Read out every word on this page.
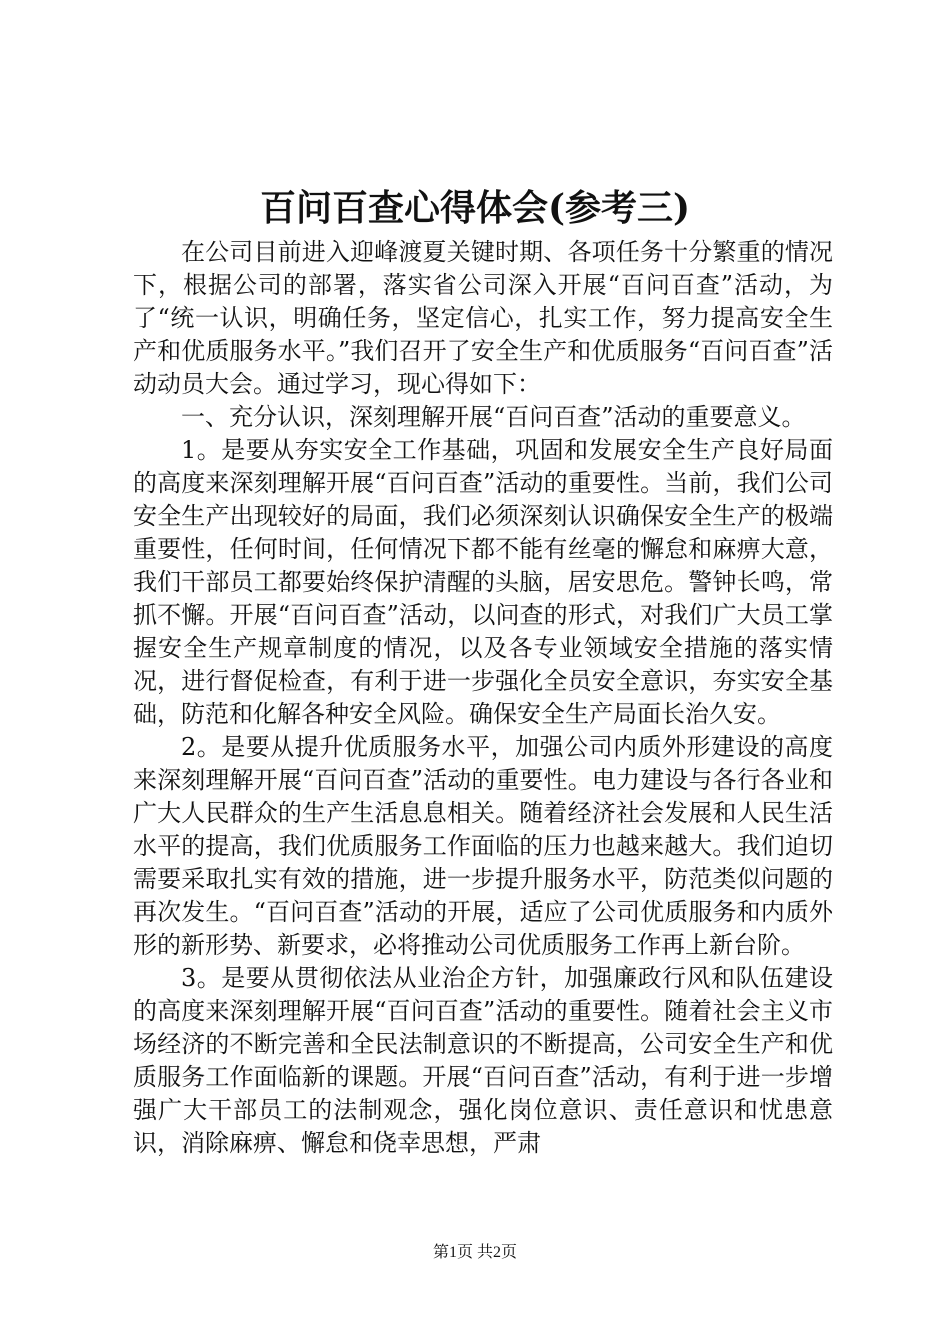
百问百查心得体会(参考三)

在公司目前进入迎峰渡夏关键时期、各项任务十分繁重的情况下，根据公司的部署，落实省公司深入开展“百问百查”活动，为了“统一认识，明确任务，坚定信心，扎实工作，努力提高安全生产和优质服务水平。”我们召开了安全生产和优质服务“百问百查”活动动员大会。通过学习，现心得如下：

一、充分认识，深刻理解开展“百问百查”活动的重要意义。

1。是要从夯实安全工作基础，巩固和发展安全生产良好局面的高度来深刻理解开展“百问百查”活动的重要性。当前，我们公司安全生产出现较好的局面，我们必须深刻认识确保安全生产的极端重要性，任何时间，任何情况下都不能有丝毫的懈怠和麻痹大意，我们干部员工都要始终保护清醒的头脑，居安思危。警钟长鸣，常抓不懈。开展“百问百查”活动，以问查的形式，对我们广大员工掌握安全生产规章制度的情况，以及各专业领域安全措施的落实情况，进行督促检查，有利于进一步强化全员安全意识，夯实安全基础，防范和化解各种安全风险。确保安全生产局面长治久安。

2。是要从提升优质服务水平，加强公司内质外形建设的高度来深刻理解开展“百问百查”活动的重要性。电力建设与各行各业和广大人民群众的生产生活息息相关。随着经济社会发展和人民生活水平的提高，我们优质服务工作面临的压力也越来越大。我们迫切需要采取扎实有效的措施，进一步提升服务水平，防范类似问题的再次发生。“百问百查”活动的开展，适应了公司优质服务和内质外形的新形势、新要求，必将推动公司优质服务工作再上新台阶。

3。是要从贯彻依法从业治企方针，加强廉政行风和队伍建设的高度来深刻理解开展“百问百查”活动的重要性。随着社会主义市场经济的不断完善和全民法制意识的不断提高，公司安全生产和优质服务工作面临新的课题。开展“百问百查”活动，有利于进一步增强广大干部员工的法制观念，强化岗位意识、责任意识和忧患意识，消除麻痹、懈怠和侥幸思想，严肃

第1页 共2页
